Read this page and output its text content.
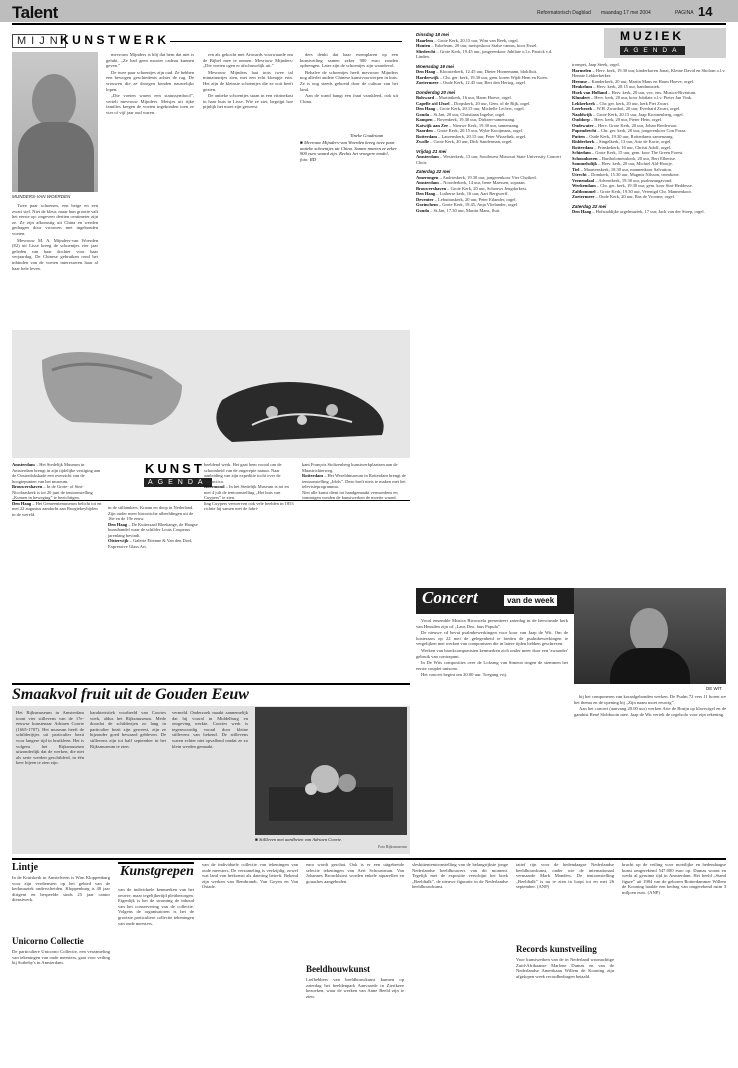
Talent	Reformatorisch Dagblad maandag 17 mei 2004	PAGINA 14
MIJN
KUNSTWERK
MIJNDERS-VAN WOERDEN

Twee paar schoenen, een beige en een zwart stel. Niet de kleur, maar hun grootte valt het eerste op: ongeveer dertien centimeter zijn ze. Ze zijn afkomstig uit China en werden gedragen door vrouwen met ingebonden voeten.

Mevrouw M. A. Mijnders-van Woerden (82) uit Lisse kreeg de schoentjes vier jaar geleden van haar dochter voor haar verjaardag. De Chinese gebruiken rond het inbinden van de voeten interesseren haar al haar hele leven.

mevrouw Mijnders is blij dat hem dat niet is gelukt. „Ze had geen mooier cadeau kunnen geven.”

De twee paar schoentjes zijn oud. Ze hebben een bewogen geschiedenis achter de rug. De vrouwen die ze droegen konden nauwelijks lopen.

„Die voeten waren een statussymbool”, vertelt mevrouw Mijnders. Meisjes uit rijke families kregen de voeten ingebonden toen ze vier of vijf jaar oud waren.

ren als gekocht met Artwards voorwaarde om de Bijbel mee te nemen. Mevrouw Mijnders: „Die voeten ogen er afschuwelijk uit.”

Mevrouw Mijnders laat trots twee tal miniatuurtjes zien, met een echt klompje erin. Het zijn de kleinste schoentjes die ze ooit heeft gezien.

De antieke schoentjes staan in een vitrinekast in haar huis in Lisse. Wie ze ziet, begrijpt hoe pijnlijk het moet zijn geweest.

ders denkt dat haar exemplaren op een kunstveiling samen zeker 900 euro zouden opbrengen. Later zijn de schoentjes zijn waardevol.

Behalve de schoentjes heeft mevrouw Mijnders nog allerlei andere Chinese kunstvoorwerpen in huis. Ze is nog steeds geboeid door de cultuur van het land.

Aan de wand hangt een fraai vaaskleed, ook uit China.

Tineke Goudriaan
■ Mevrouw Mijnders-van Woerden kreeg twee paar antieke schoentjes uit China. Samen moeten ze zeker 900 euro waard zijn. Rechts het vroegere model, foto: RD
KUNST
AGENDA
Amsterdam – Het Stedelijk Museum in Amsterdam brengt in zijn tijdelijke vestiging aan de Oosterdokskade een overzicht van de hoogtepunten van het museum.
Brouwershaven – In de Grote- of Sint-Nicolaaskerk is tot 20 juni de tentoonstelling „Komen in beweging” te bezichtigen.
Den Haag – Het Gemeentemuseum belicht tot en met 22 augustus aandacht aan Boogiekeyhijden in de wereld.
in de stillamkers. Kraam en doop in Nederland. Zijn ouder meer historische afbeeldingen uit de 16e en de 19e eeuw.
Den Haag – De Kuiterzaal Bleekange, de Haagse kunsthandel waar de schilder Louis Couperus jarenlang bevindt.
Oisterwijk – Galerie Etienne & Van den Doel, Expressive Glass Art.
beeldend werk. Het gaat hem vooral om de schoonheid van de ongerepte natuur. Naar aanleiding van zijn expeditie tocht over de Antarctica.
Roermond – In het Stedelijk Museum is tot en met 4 juli de tentoonstelling „Het huis van Cuypers” te zien.
ling Cuypers verwerven ook vele beelden in 1853 richtte hij samen met de fabri-
kant François Stoltzenberg kunstwerkplaatsen aan de Maastrichterweg.
Rotterdam – Het Wereldmuseum in Rotterdam brengt de tentoonstelling „Idols”. Deze breft niets te maken met het televisieprogramma.
Niet alle kunst dient tot handgemaakt vermoedens en sommigen vonden de kunstwerken de moeite waard.
Smaakvol fruit uit de Gouden Eeuw
Het Rijksmuseum in Amsterdam toont vier stillevens van de 17e-eeuwse kunstenaar Adriaen Coorte (1665-1707). Het museum heeft de schilderijtjes uit particulier bezit voor langere tijd in bruikleen. Het is volgens het Rijksmuseum uitzonderlijk dat de werken, die niet als serie werden geschilderd, in één keer bijeen te zien zijn.
karakteristiek voorbeeld van Coortes werk, aldus het Rijksmuseum. Mede doordat de schilderijen zo lang in particulier bezit zijn geweest, zijn ze bijzonder goed bewaard gebleven. De stillevens zijn tot half september in het Rijksmuseum te zien.
vermeld. Onderzoek maakt aannemelijk dat hij vooral in Middelburg en omgeving werkte. Coortes werk is tegenwoordig vooral door kleine stillevens van bekend. De stillevens waren echter niet opvallend omdat ze zo klein werden gemaakt.
■ Stillleven met aardbeien van Adriaen Coorte.
Foto Rijksmuseum
MUZIEK
AGENDA
Dinsdag 18 mei
Haarlem – Grote Kerk, 20.15 uur, Wim van Beek, orgel.
Houten – Eskeleum, 20 uur, meisjeskoor Stalse cantus, koor Exsel.
Sliedrecht – Grote Kerk, 19.45 uur, jongerenkoor Jubilate o.l.v. Patrick v.d. Linden.
Woensdag 19 mei
Den Haag – Kloosterkerk, 12.45 uur, Dieter Hornemann, blokfluit.
Harderwijk – Chr. ger. kerk, 19.30 uur, gem. koren Wijdt Hem en Koen.
Zoetermeer – Oude Kerk, 12.45 uur, Bert den Hertog, orgel.
Donderdag 20 mei
Bolsward – Martinikerk, 16 uur, Harm Hoeve, orgel.
Capelle a/d IJssel – Dorpskerk, 20 uur, Gem. of de Rijk, orgel.
Den Haag – Grote Kerk, 20.15 uur, Michelle Leclerc, orgel.
Gouda – St.Jan, 20 uur, Christiaan Ingelse, orgel.
Kampen – Bovenkerk, 19.30 uur, Dirksen-samenzang.
Katwijk aan Zee – Nieuwe Kerk, 19.30 uur, samenzang.
Naarden – Grote Kerk, 20.15 uur, Wybe Kooijmans, orgel.
Rotterdam – Laurenskerk, 20.15 uur, Peter Wisselink, orgel.
Zwolle – Grote Kerk, 20 uur, Dick Sanderman, orgel.
Vrijdag 21 mei
Amsterdam – Westerkerk, 13 uur, Southwest Missouri State University Concert Choir.
Zaterdag 22 mei
Amerongen – Andrieskerk, 19.30 uur, jongerenkoor Vier Choiked.
Amsterdam – Noorderkerk, 14 uur, Irene Maessen, sopraan.
Brouwershaven – Grote Kerk, 20 uur, Schouws Jeugdorkest.
Den Haag – Lutherse kerk, 16 uur, Aart Bergwerff.
Deventer – Lebuïnuskerk, 20 uur, Peter Eilander, orgel.
Gorinchem – Grote Kerk, 19.45, Anja Vlielander, orgel.
Gouda – St.Jan, 17.30 uur, Martin Mans, fluit.
trompet, Jaap Steek, orgel.
Harmelen – Herv. kerk, 19.30 uur, kinderkoren Jonai, Kleine David en Sholom o.l.v. Hennie Lekkerkerker.
Heemse – Kanderkerk, 20 uur, Martin Mans en Harm Hoeve, orgel.
Heukelum – Herv. kerk, 20.15 uur, bandmuziek.
Hoek van Holland – Herv. kerk, 20 uur, voc. ens. Musica-Bivarium.
Klundert – Herv. kerk, 20 uur, koor Jubilate o.l.v. Pieter Jan Vink.
Lekkerkerk – Chr. ger. kerk, 20 uur, kerk Piet Zwart.
Leerbroek – W.H. Zwartbol, 20 uur, Everhard Zwart, orgel.
Naaldwijk – Grote Kerk, 20.15 uur, Jaap Kroonenberg, orgel.
Ouddorp – Herv. kerk, 20 uur, Pieter Hein, orgel.
Oudewater – Herv. Grote Kerk, 20 uur, Johan Bredewout.
Papendrecht – Chr. ger. kerk, 20 uur, jongerenkoor Con Forza.
Putten – Oude Kerk, 19.30 uur, Rotterdams samenzang.
Ridderkerk – Singelkerk, 13 uur, Arie de Korte, orgel.
Rotterdam – Prinskekerk, 16 uur, Christi Adolf, orgel.
Schiedam – Grote Kerk, 15 uur, gem. koor The Green Forest.
Schoonhoven – Bartholomeuskerk, 20 uur, Bert Elbertse.
Sommelsdijk – Herv. kerk, 20 uur, Michiel Ald-Hooije.
Tiel – Maartenskerk, 18.30 uur, mannenkoor Salvation.
Utrecht – Domkerk, 15.30 uur, Magnus Nilsson, trombone.
Veenendaal – Adventkerk, 19.30 uur, psalmzangavond.
Werkendam – Chr. ger. kerk, 19.30 uur, gem. koor Sint-Heddesse.
Zaltbommel – Grote Kerk, 19.30 uur, Verenigd Chr. Mannenkoor.
Zoetermeer – Oude Kerk, 20 uur, Bas de Vroome, orgel.
Zaterdag 22 mei
Den Haag – Hofstaddijke orgelmuziek, 17 uur, Jack van der Stoep, orgel.
Concert	van de week

Vocal ensemble Musica Bivoncela presenteert zaterdag in de hervormde kerk van Heusden zijn cd „Laus Deo, laus Populo”.

De nieuwe cd bevat psalmbewerkingen voor koor van Jaap de Wit. Om de luisteraars op 22 mei de gelegenheid te bieden de psalmbewerkingen te vergelijken met werken van componisten die in latere tijden hebben geschreven.

Werken van barokcomponisten kenmerken zich onder meer door een 'zwaarder' gebruik van contrapunt.

In De Wits composities over de Lofzang van Simeon ringen de stemmen het eerste couplet unisono.

Het concert begint om 20.00 uur. Toegang vrij.

DE WIT

bij het componeren van koraalgebonden werken. De Psalm 72 vers 11 horen we het thema en de opening bij „Zijn naam moet eeuwig”.

Aan het concert (aanvang 20.00 uur) werken Arie de Bruijn op klavecigel en de gambist René Slobbootn mee. Jaap de Wit vertelt de orgelsolo voor zijn rekening.

Lintje
In de Kruiskerk in Amstelveen is Wim Kloppenburg voor zijn verdiensten op het gebied van de kerkmuziek onderscheiden. Kloppenburg is 40 jaar dirigent en bespeelde sinds 25 jaar cantor dienstwerk.
Unicorno Collectie
De particuliere Unicorno Collectie, een verzameling van tekeningen van oude meesters, gaat voor veiling bij Sotheby's in Amsterdam.
Kunstgrepen
van de individuele kenmerken van het oeuvre, maar tegelijkertijd pleitbezorgen. Eigenlijk is het de stroming de inhoud van het conservering van de collectie. Volgens de organisatoren is het de grootste particuliere collectie tekeningen van oude meesters.
van de individuele collectie van tekeningen van oude meesters. De verzameling is veelzijdig, zowel wat land van herkomst als datering betreft. Bekend zijn werken van Rembrandt, Van Goyen en Van Ostade.
euro wordt geschat. Ook is er een uitgebreide selectie tekeningen van Aert Schouwman. Van Johannes Bronckhorst worden enkele aquarellen en gouaches aangeboden.
Beeldhouwkunst
Liefhebbers van beeldhouwkunst kunnen op zaterdag het beeldenpark Aanvaarde in Zierikzee bezoeken, waar de werken van Anne Beeld zijn te zien.
sleshittententoonstelling van de belangrijkste jonge Nederlandse beeldhouwers van dit moment. Tegelijk met de expositie verschijnt het boek „Beeldtalk”, de nieuwe figuratie in de Nederlandse beeldhouwkunst.
tatief rijn voor de hedendaagse Nederlandse beeldhouwkunst, onder wie de internationaal vermaarde Mark Manders. De tentoonstelling „Beeldtalk” is nu te zien in loopt tot en met 26 september. (ANP)
Records kunstveiling
Voor kunstwerken van de in Nederland woonachtige Zuid-Afrikaanse Marlene Dumas en van de Nederlandse Amerikaan Willem de Kooning zijn afgelopen week recordbedragen betaald.
bracht op de veiling voor moeilijke en hedendaagse kunst omgerekend 547.000 euro op. Dumas woont en werkt al geruime tijd in Amsterdam. Het beeld „Stand figure” uit 1984 van de geboren Rotterdammer Willem de Kooning haalde een bedrag van omgerekend ruim 3 miljoen euro. (ANP)
